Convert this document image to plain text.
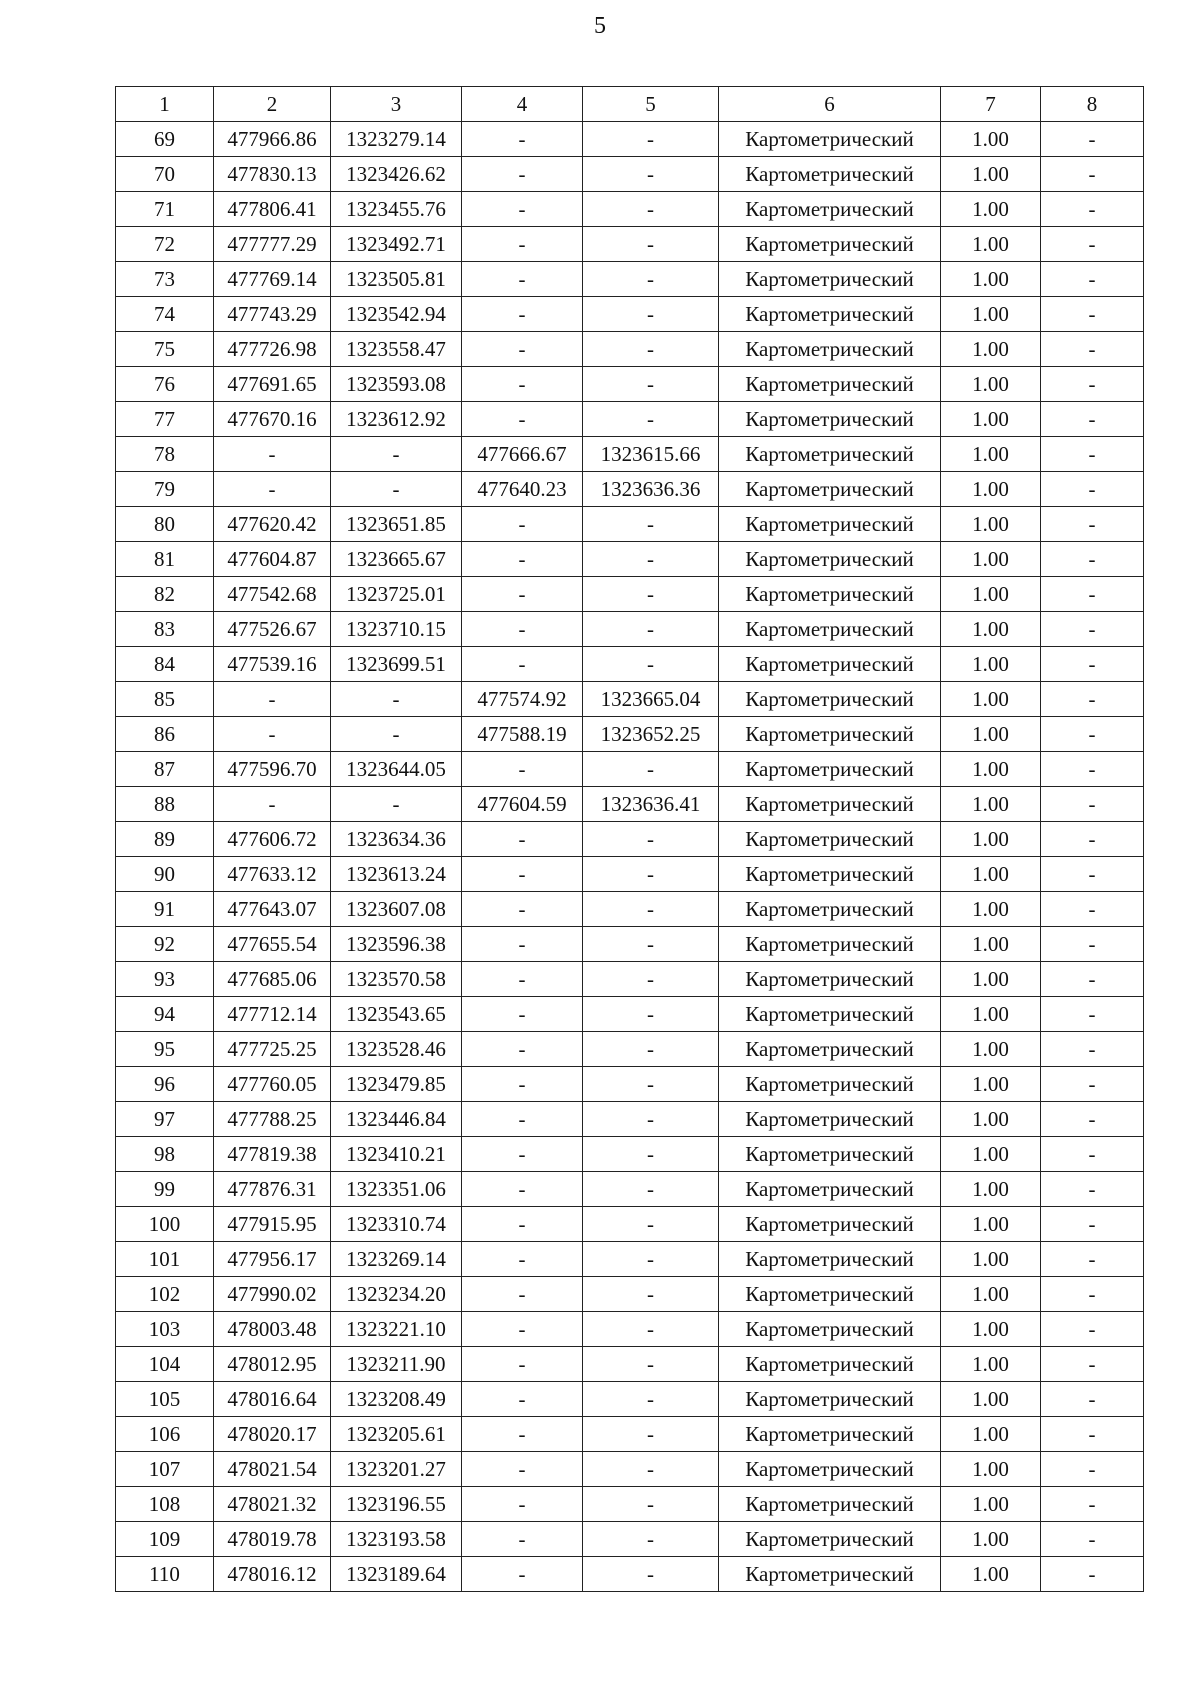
5
1	2	3	4	5	6	7	8
69	477966.86	1323279.14	-	-	Картометрический	1.00	-
70	477830.13	1323426.62	-	-	Картометрический	1.00	-
71	477806.41	1323455.76	-	-	Картометрический	1.00	-
72	477777.29	1323492.71	-	-	Картометрический	1.00	-
73	477769.14	1323505.81	-	-	Картометрический	1.00	-
74	477743.29	1323542.94	-	-	Картометрический	1.00	-
75	477726.98	1323558.47	-	-	Картометрический	1.00	-
76	477691.65	1323593.08	-	-	Картометрический	1.00	-
77	477670.16	1323612.92	-	-	Картометрический	1.00	-
78	-	-	477666.67	1323615.66	Картометрический	1.00	-
79	-	-	477640.23	1323636.36	Картометрический	1.00	-
80	477620.42	1323651.85	-	-	Картометрический	1.00	-
81	477604.87	1323665.67	-	-	Картометрический	1.00	-
82	477542.68	1323725.01	-	-	Картометрический	1.00	-
83	477526.67	1323710.15	-	-	Картометрический	1.00	-
84	477539.16	1323699.51	-	-	Картометрический	1.00	-
85	-	-	477574.92	1323665.04	Картометрический	1.00	-
86	-	-	477588.19	1323652.25	Картометрический	1.00	-
87	477596.70	1323644.05	-	-	Картометрический	1.00	-
88	-	-	477604.59	1323636.41	Картометрический	1.00	-
89	477606.72	1323634.36	-	-	Картометрический	1.00	-
90	477633.12	1323613.24	-	-	Картометрический	1.00	-
91	477643.07	1323607.08	-	-	Картометрический	1.00	-
92	477655.54	1323596.38	-	-	Картометрический	1.00	-
93	477685.06	1323570.58	-	-	Картометрический	1.00	-
94	477712.14	1323543.65	-	-	Картометрический	1.00	-
95	477725.25	1323528.46	-	-	Картометрический	1.00	-
96	477760.05	1323479.85	-	-	Картометрический	1.00	-
97	477788.25	1323446.84	-	-	Картометрический	1.00	-
98	477819.38	1323410.21	-	-	Картометрический	1.00	-
99	477876.31	1323351.06	-	-	Картометрический	1.00	-
100	477915.95	1323310.74	-	-	Картометрический	1.00	-
101	477956.17	1323269.14	-	-	Картометрический	1.00	-
102	477990.02	1323234.20	-	-	Картометрический	1.00	-
103	478003.48	1323221.10	-	-	Картометрический	1.00	-
104	478012.95	1323211.90	-	-	Картометрический	1.00	-
105	478016.64	1323208.49	-	-	Картометрический	1.00	-
106	478020.17	1323205.61	-	-	Картометрический	1.00	-
107	478021.54	1323201.27	-	-	Картометрический	1.00	-
108	478021.32	1323196.55	-	-	Картометрический	1.00	-
109	478019.78	1323193.58	-	-	Картометрический	1.00	-
110	478016.12	1323189.64	-	-	Картометрический	1.00	-
